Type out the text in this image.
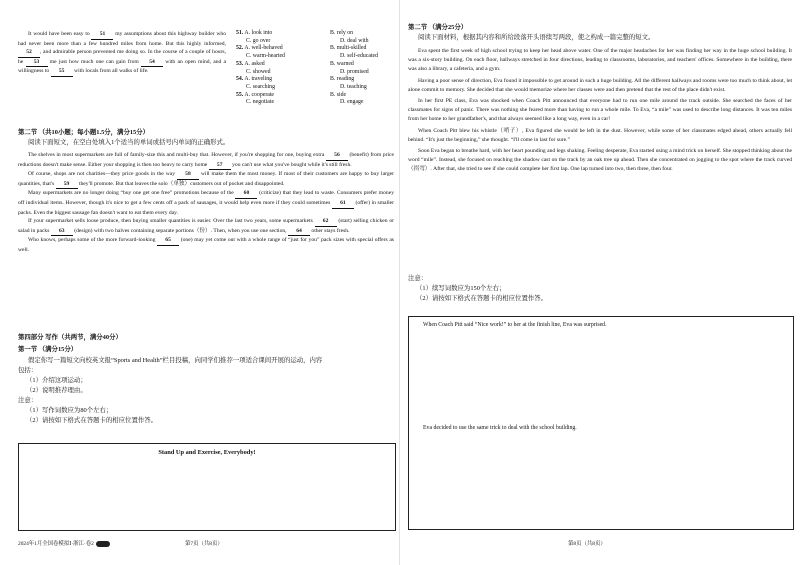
It would have been easy to 51 my assumptions about this highway builder who had never been more than a few hundred miles from home. But this highly informed, 52 , and admirable person prevented me doing so. In the course of a couple of hours, he 53 me just how much one can gain from 54 with an open mind, and a willingness to 55 with locals from all walks of life.

51. A. look into	B. rely on
C. go over	D. deal with
52. A. well-behaved	B. multi-skilled
C. warm-hearted	D. self-educated
53. A. asked	B. warned
C. showed	D. promised
54. A. traveling	B. reading
C. searching	D. teaching
55. A. cooperate	B. side
C. negotiate	D. engage
第二节 （共10小题；每小题1.5分，满分15分）
阅读下面短文，在空白处填入1个适当的单词或括号内单词的正确形式。

The shelves in most supermarkets are full of family-size this and multi-buy that. However, if you're shopping for one, buying extra 56 (benefit) from price reductions doesn't make sense. Either your shopping is then too heavy to carry home 57 you can't use what you've bought while it's still fresh.

Of course, shops are not charities—they price goods in the way 58 will make them the most money. If most of their customers are happy to buy larger quantities, that's 59 they'll promote. But that leaves the solo（单独）customers out of pocket and disappointed.

Many supermarkets are no longer doing “buy one get one free” promotions because of the 60 (criticize) that they lead to waste. Consumers prefer money off individual items. However, though it's nice to get a few cents off a pack of sausages, it would help even more if they could sometimes 61 (offer) in smaller packs. Even the biggest sausage fan doesn't want to eat them every day.

If your supermarket sells loose produce, then buying smaller quantities is easier. Over the last two years, some supermarkets 62 (start) selling chicken or salad in packs 63 (design) with two halves containing separate portions（份）. Then, when you use one section, 64 other stays fresh.

Who knows, perhaps some of the more forward-looking 65 (one) may yet come out with a whole range of “just for you” pack sizes with special offers as well.

第四部分 写作（共两节，满分40分）
第一节 （满分15分）
假定你写一篇短文向校英文报“Sports and Health”栏目投稿，向同学们推荐一项适合课间开展的运动，内容
包括：
（1）介绍这项运动；
（2）说明推荐理由。
注意：
（1）写作词数应为80个左右；
（2）请按如下格式在答题卡的相应位置作答。
Stand Up and Exercise, Everybody!
2024年1月全国卷模拟Ⅰ·浙江·卷2	第7页（共8页）
第二节 （满分25分）
阅读下面材料，根据其内容和所给段落开头语续写两段，使之构成一篇完整的短文。

Eva spent the first week of high school trying to keep her head above water. One of the major headaches for her was finding her way in the huge school building. It was a six-story building. On each floor, hallways stretched in four directions, leading to classrooms, laboratories, and teachers' offices. Somewhere in the building, there was also a library, a cafeteria, and a gym.

Having a poor sense of direction, Eva found it impossible to get around in such a huge building. All the different hallways and rooms were too much to think about, let alone commit to memory. She decided that she would memorize where her classes were and then pretend that the rest of the place didn't exist.

In her first PE class, Eva was shocked when Coach Pitt announced that everyone had to run one mile around the track outside. She searched the faces of her classmates for signs of panic. There was nothing she feared more than having to run a whole mile. To Eva, “a mile” was used to describe long distances. It was ten miles from her home to her grandfather's, and that always seemed like a long way, even in a car!

When Coach Pitt blew his whistle（哨子）, Eva figured she would be left in the dust. However, while some of her classmates edged ahead, others actually fell behind. “It's just the beginning,” she thought. “I'll come in last for sure.”

Soon Eva began to breathe hard, with her heart pounding and legs shaking. Feeling desperate, Eva started using a mind trick on herself. She stopped thinking about the word “mile”. Instead, she focused on reaching the shadow cast on the track by an oak tree up ahead. Then she concentrated on jogging to the spot where the track curved（拐弯）. After that, she tried to see if she could complete her first lap. One lap turned into two, then three, then four.

注意：
（1）续写词数应为150个左右；
（2）请按如下格式在答题卡的相应位置作答。
When Coach Pitt said “Nice work!” to her at the finish line, Eva was surprised.
Eva decided to use the same trick to deal with the school building.
第8页（共8页）
